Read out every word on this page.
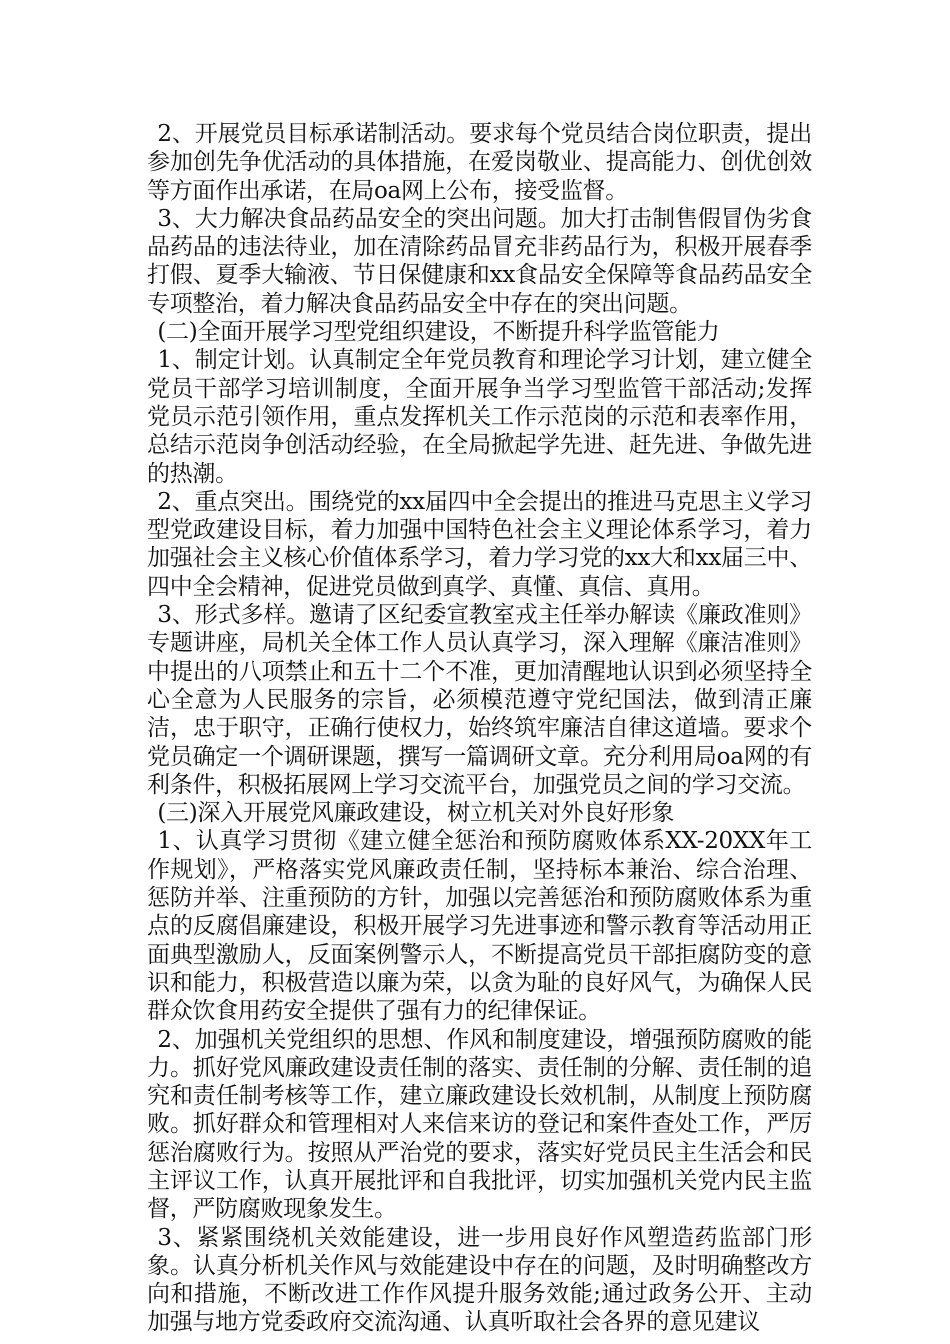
2、开展党员目标承诺制活动。要求每个党员结合岗位职责，提出参加创先争优活动的具体措施，在爱岗敬业、提高能力、创优创效等方面作出承诺，在局oa网上公布，接受监督。

3、大力解决食品药品安全的突出问题。加大打击制售假冒伪劣食品药品的违法待业，加在清除药品冒充非药品行为，积极开展春季打假、夏季大输液、节日保健康和xx食品安全保障等食品药品安全专项整治，着力解决食品药品安全中存在的突出问题。

(二)全面开展学习型党组织建设，不断提升科学监管能力

1、制定计划。认真制定全年党员教育和理论学习计划，建立健全党员干部学习培训制度，全面开展争当学习型监管干部活动;发挥党员示范引领作用，重点发挥机关工作示范岗的示范和表率作用，总结示范岗争创活动经验，在全局掀起学先进、赶先进、争做先进的热潮。

2、重点突出。围绕党的xx届四中全会提出的推进马克思主义学习型党政建设目标，着力加强中国特色社会主义理论体系学习，着力加强社会主义核心价值体系学习，着力学习党的xx大和xx届三中、四中全会精神，促进党员做到真学、真懂、真信、真用。

3、形式多样。邀请了区纪委宣教室戎主任举办解读《廉政准则》专题讲座，局机关全体工作人员认真学习，深入理解《廉洁准则》中提出的八项禁止和五十二个不准，更加清醒地认识到必须坚持全心全意为人民服务的宗旨，必须模范遵守党纪国法，做到清正廉洁，忠于职守，正确行使权力，始终筑牢廉洁自律这道墙。要求个党员确定一个调研课题，撰写一篇调研文章。充分利用局oa网的有利条件，积极拓展网上学习交流平台，加强党员之间的学习交流。

(三)深入开展党风廉政建设，树立机关对外良好形象

1、认真学习贯彻《建立健全惩治和预防腐败体系XX-20XX年工作规划》，严格落实党风廉政责任制，坚持标本兼治、综合治理、惩防并举、注重预防的方针，加强以完善惩治和预防腐败体系为重点的反腐倡廉建设，积极开展学习先进事迹和警示教育等活动用正面典型激励人，反面案例警示人，不断提高党员干部拒腐防变的意识和能力，积极营造以廉为荣，以贪为耻的良好风气，为确保人民群众饮食用药安全提供了强有力的纪律保证。

2、加强机关党组织的思想、作风和制度建设，增强预防腐败的能力。抓好党风廉政建设责任制的落实、责任制的分解、责任制的追究和责任制考核等工作，建立廉政建设长效机制，从制度上预防腐败。抓好群众和管理相对人来信来访的登记和案件查处工作，严厉惩治腐败行为。按照从严治党的要求，落实好党员民主生活会和民主评议工作，认真开展批评和自我批评，切实加强机关党内民主监督，严防腐败现象发生。

3、紧紧围绕机关效能建设，进一步用良好作风塑造药监部门形象。认真分析机关作风与效能建设中存在的问题，及时明确整改方向和措施，不断改进工作作风提升服务效能;通过政务公开、主动加强与地方党委政府交流沟通、认真听取社会各界的意见建议
